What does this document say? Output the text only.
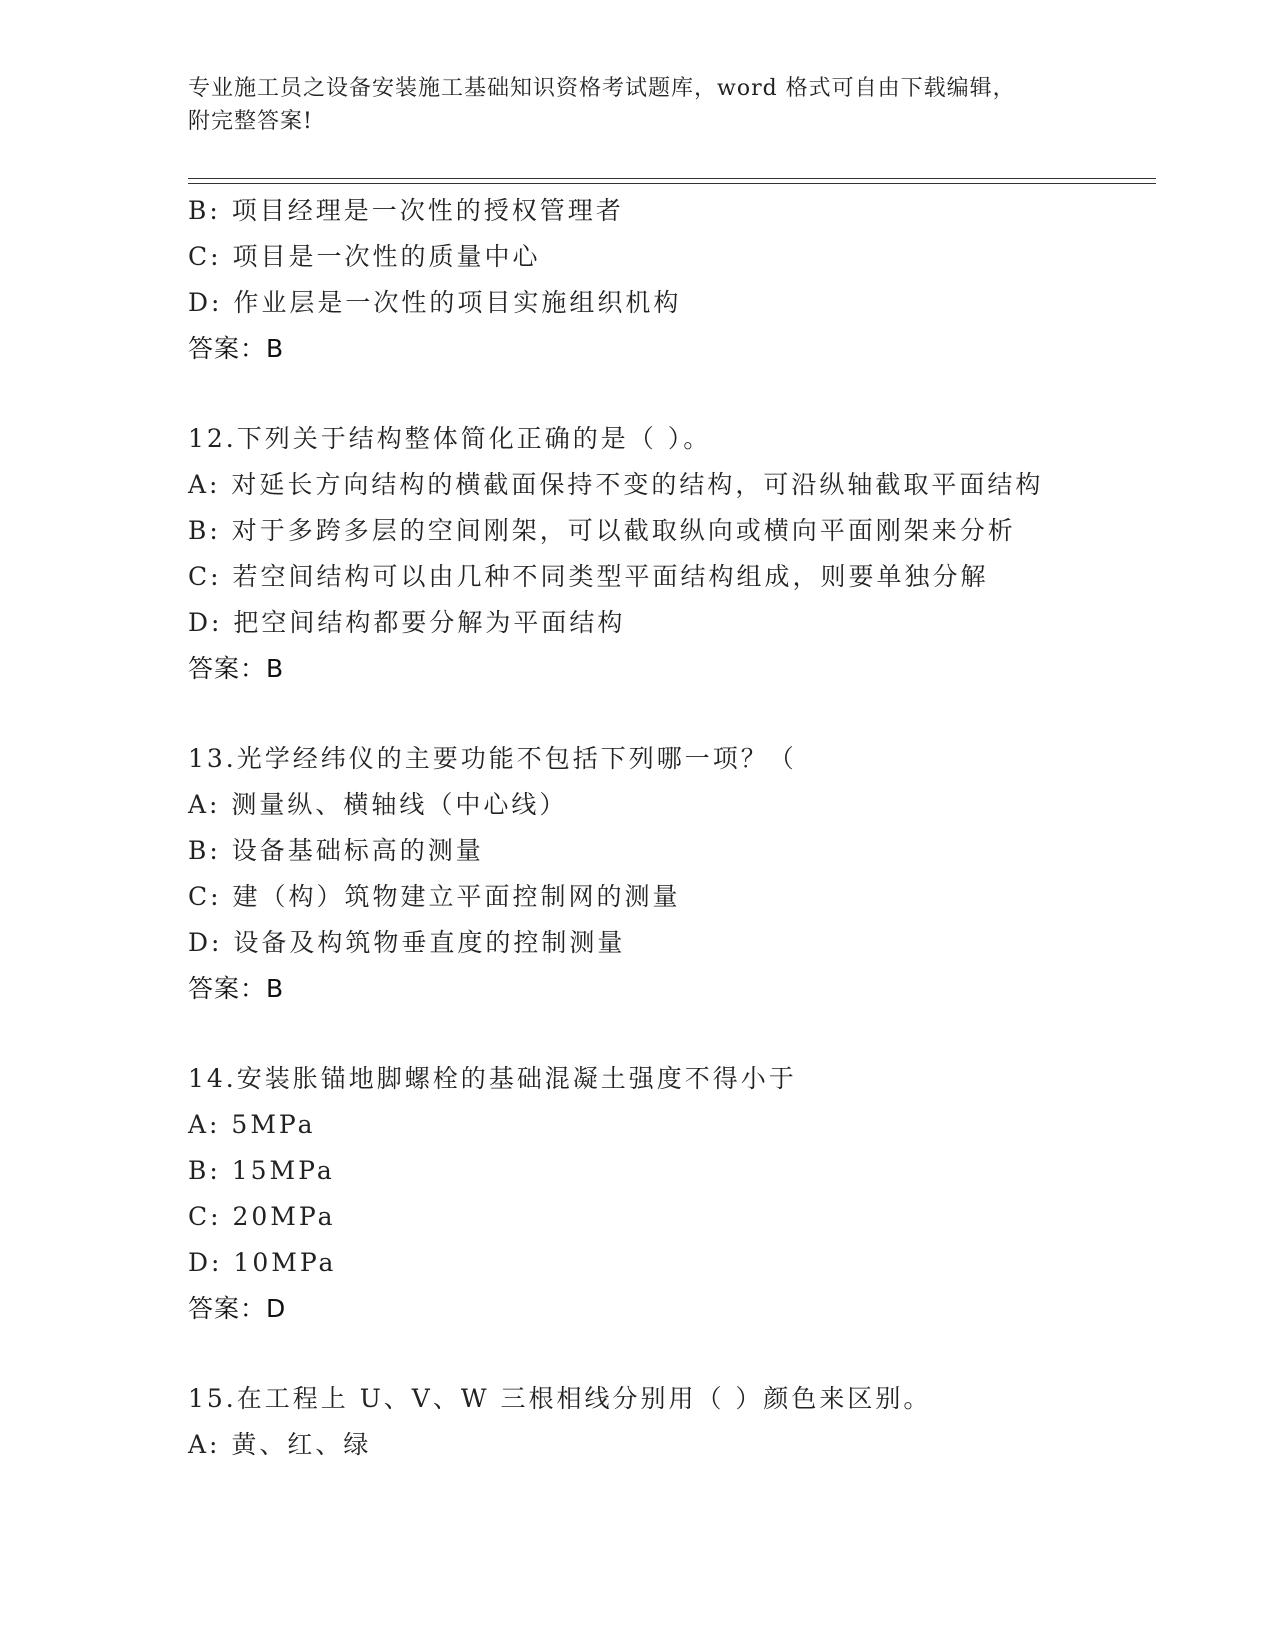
专业施工员之设备安装施工基础知识资格考试题库，word 格式可自由下载编辑，
附完整答案!
B: 项目经理是一次性的授权管理者
C: 项目是一次性的质量中心
D: 作业层是一次性的项目实施组织机构
答案：B
12.下列关于结构整体简化正确的是（ ）。
A: 对延长方向结构的横截面保持不变的结构，可沿纵轴截取平面结构
B: 对于多跨多层的空间刚架，可以截取纵向或横向平面刚架来分析
C: 若空间结构可以由几种不同类型平面结构组成，则要单独分解
D: 把空间结构都要分解为平面结构
答案：B
13.光学经纬仪的主要功能不包括下列哪一项？（
A: 测量纵、横轴线（中心线）
B: 设备基础标高的测量
C: 建（构）筑物建立平面控制网的测量
D: 设备及构筑物垂直度的控制测量
答案：B
14.安装胀锚地脚螺栓的基础混凝土强度不得小于
A: 5MPa
B: 15MPa
C: 20MPa
D: 10MPa
答案：D
15.在工程上 U、V、W 三根相线分别用（ ）颜色来区别。
A: 黄、红、绿
